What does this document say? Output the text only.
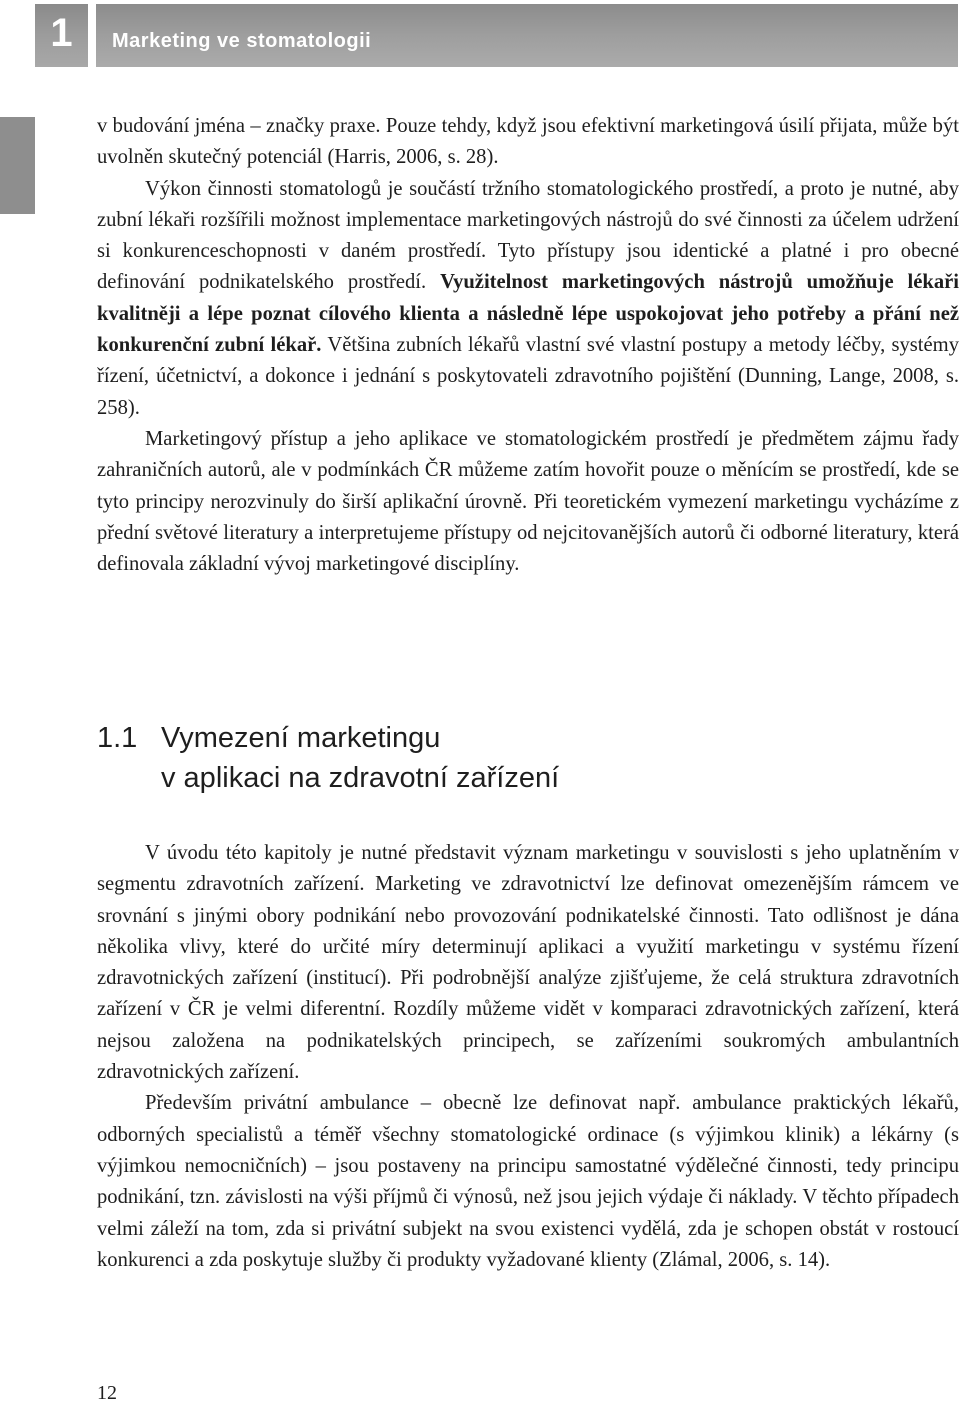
1	Marketing ve stomatologii

v budování jména – značky praxe. Pouze tehdy, když jsou efektivní marketingová úsilí přijata, může být uvolněn skutečný potenciál (Harris, 2006, s. 28).

Výkon činnosti stomatologů je součástí tržního stomatologického prostředí, a proto je nutné, aby zubní lékaři rozšířili možnost implementace marketingových nástrojů do své činnosti za účelem udržení si konkurenceschopnosti v daném prostředí. Tyto přístupy jsou identické a platné i pro obecné definování podnikatelského prostředí. Využitelnost marketingových nástrojů umožňuje lékaři kvalitněji a lépe poznat cílového klienta a následně lépe uspokojovat jeho potřeby a přání než konkurenční zubní lékař. Většina zubních lékařů vlastní své vlastní postupy a metody léčby, systémy řízení, účetnictví, a dokonce i jednání s poskytovateli zdravotního pojištění (Dunning, Lange, 2008, s. 258).

Marketingový přístup a jeho aplikace ve stomatologickém prostředí je předmětem zájmu řady zahraničních autorů, ale v podmínkách ČR můžeme zatím hovořit pouze o měnícím se prostředí, kde se tyto principy nerozvinuly do širší aplikační úrovně. Při teoretickém vymezení marketingu vycházíme z přední světové literatury a interpretujeme přístupy od nejcitovanějších autorů či odborné literatury, která definovala základní vývoj marketingové disciplíny.

1.1 Vymezení marketingu
v aplikaci na zdravotní zařízení

V úvodu této kapitoly je nutné představit význam marketingu v souvislosti s jeho uplatněním v segmentu zdravotních zařízení. Marketing ve zdravotnictví lze definovat omezenějším rámcem ve srovnání s jinými obory podnikání nebo provozování podnikatelské činnosti. Tato odlišnost je dána několika vlivy, které do určité míry determinují aplikaci a využití marketingu v systému řízení zdravotnických zařízení (institucí). Při podrobnější analýze zjišťujeme, že celá struktura zdravotních zařízení v ČR je velmi diferentní. Rozdíly můžeme vidět v komparaci zdravotnických zařízení, která nejsou založena na podnikatelských principech, se zařízeními soukromých ambulantních zdravotnických zařízení.

Především privátní ambulance – obecně lze definovat např. ambulance praktických lékařů, odborných specialistů a téměř všechny stomatologické ordinace (s výjimkou klinik) a lékárny (s výjimkou nemocničních) – jsou postaveny na principu samostatné výdělečné činnosti, tedy principu podnikání, tzn. závislosti na výši příjmů či výnosů, než jsou jejich výdaje či náklady. V těchto případech velmi záleží na tom, zda si privátní subjekt na svou existenci vydělá, zda je schopen obstát v rostoucí konkurenci a zda poskytuje služby či produkty vyžadované klienty (Zlámal, 2006, s. 14).

12
